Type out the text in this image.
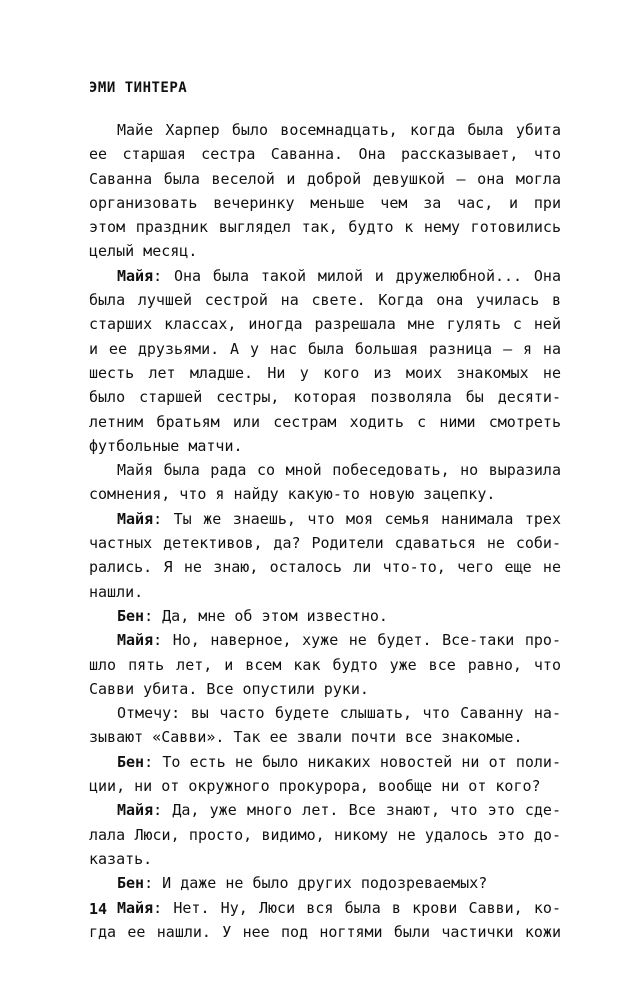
ЭМИ ТИНТЕРА
Майе Харпер было восемнадцать, когда была убита
ее старшая сестра Саванна. Она рассказывает, что
Саванна была веселой и доброй девушкой — она могла
организовать вечеринку меньше чем за час, и при
этом праздник выглядел так, будто к нему готовились
целый месяц.
Майя: Она была такой милой и дружелюбной... Она
была лучшей сестрой на свете. Когда она училась в
старших классах, иногда разрешала мне гулять с ней
и ее друзьями. А у нас была большая разница — я на
шесть лет младше. Ни у кого из моих знакомых не
было старшей сестры, которая позволяла бы десяти-
летним братьям или сестрам ходить с ними смотреть
футбольные матчи.
Майя была рада со мной побеседовать, но выразила
сомнения, что я найду какую-то новую зацепку.
Майя: Ты же знаешь, что моя семья нанимала трех
частных детективов, да? Родители сдаваться не соби-
рались. Я не знаю, осталось ли что-то, чего еще не
нашли.
Бен: Да, мне об этом известно.
Майя: Но, наверное, хуже не будет. Все-таки про-
шло пять лет, и всем как будто уже все равно, что
Савви убита. Все опустили руки.
Отмечу: вы часто будете слышать, что Саванну на-
зывают «Савви». Так ее звали почти все знакомые.
Бен: То есть не было никаких новостей ни от поли-
ции, ни от окружного прокурора, вообще ни от кого?
Майя: Да, уже много лет. Все знают, что это сде-
лала Люси, просто, видимо, никому не удалось это до-
казать.
Бен: И даже не было других подозреваемых?
Майя: Нет. Ну, Люси вся была в крови Савви, ко-
гда ее нашли. У нее под ногтями были частички кожи
14
